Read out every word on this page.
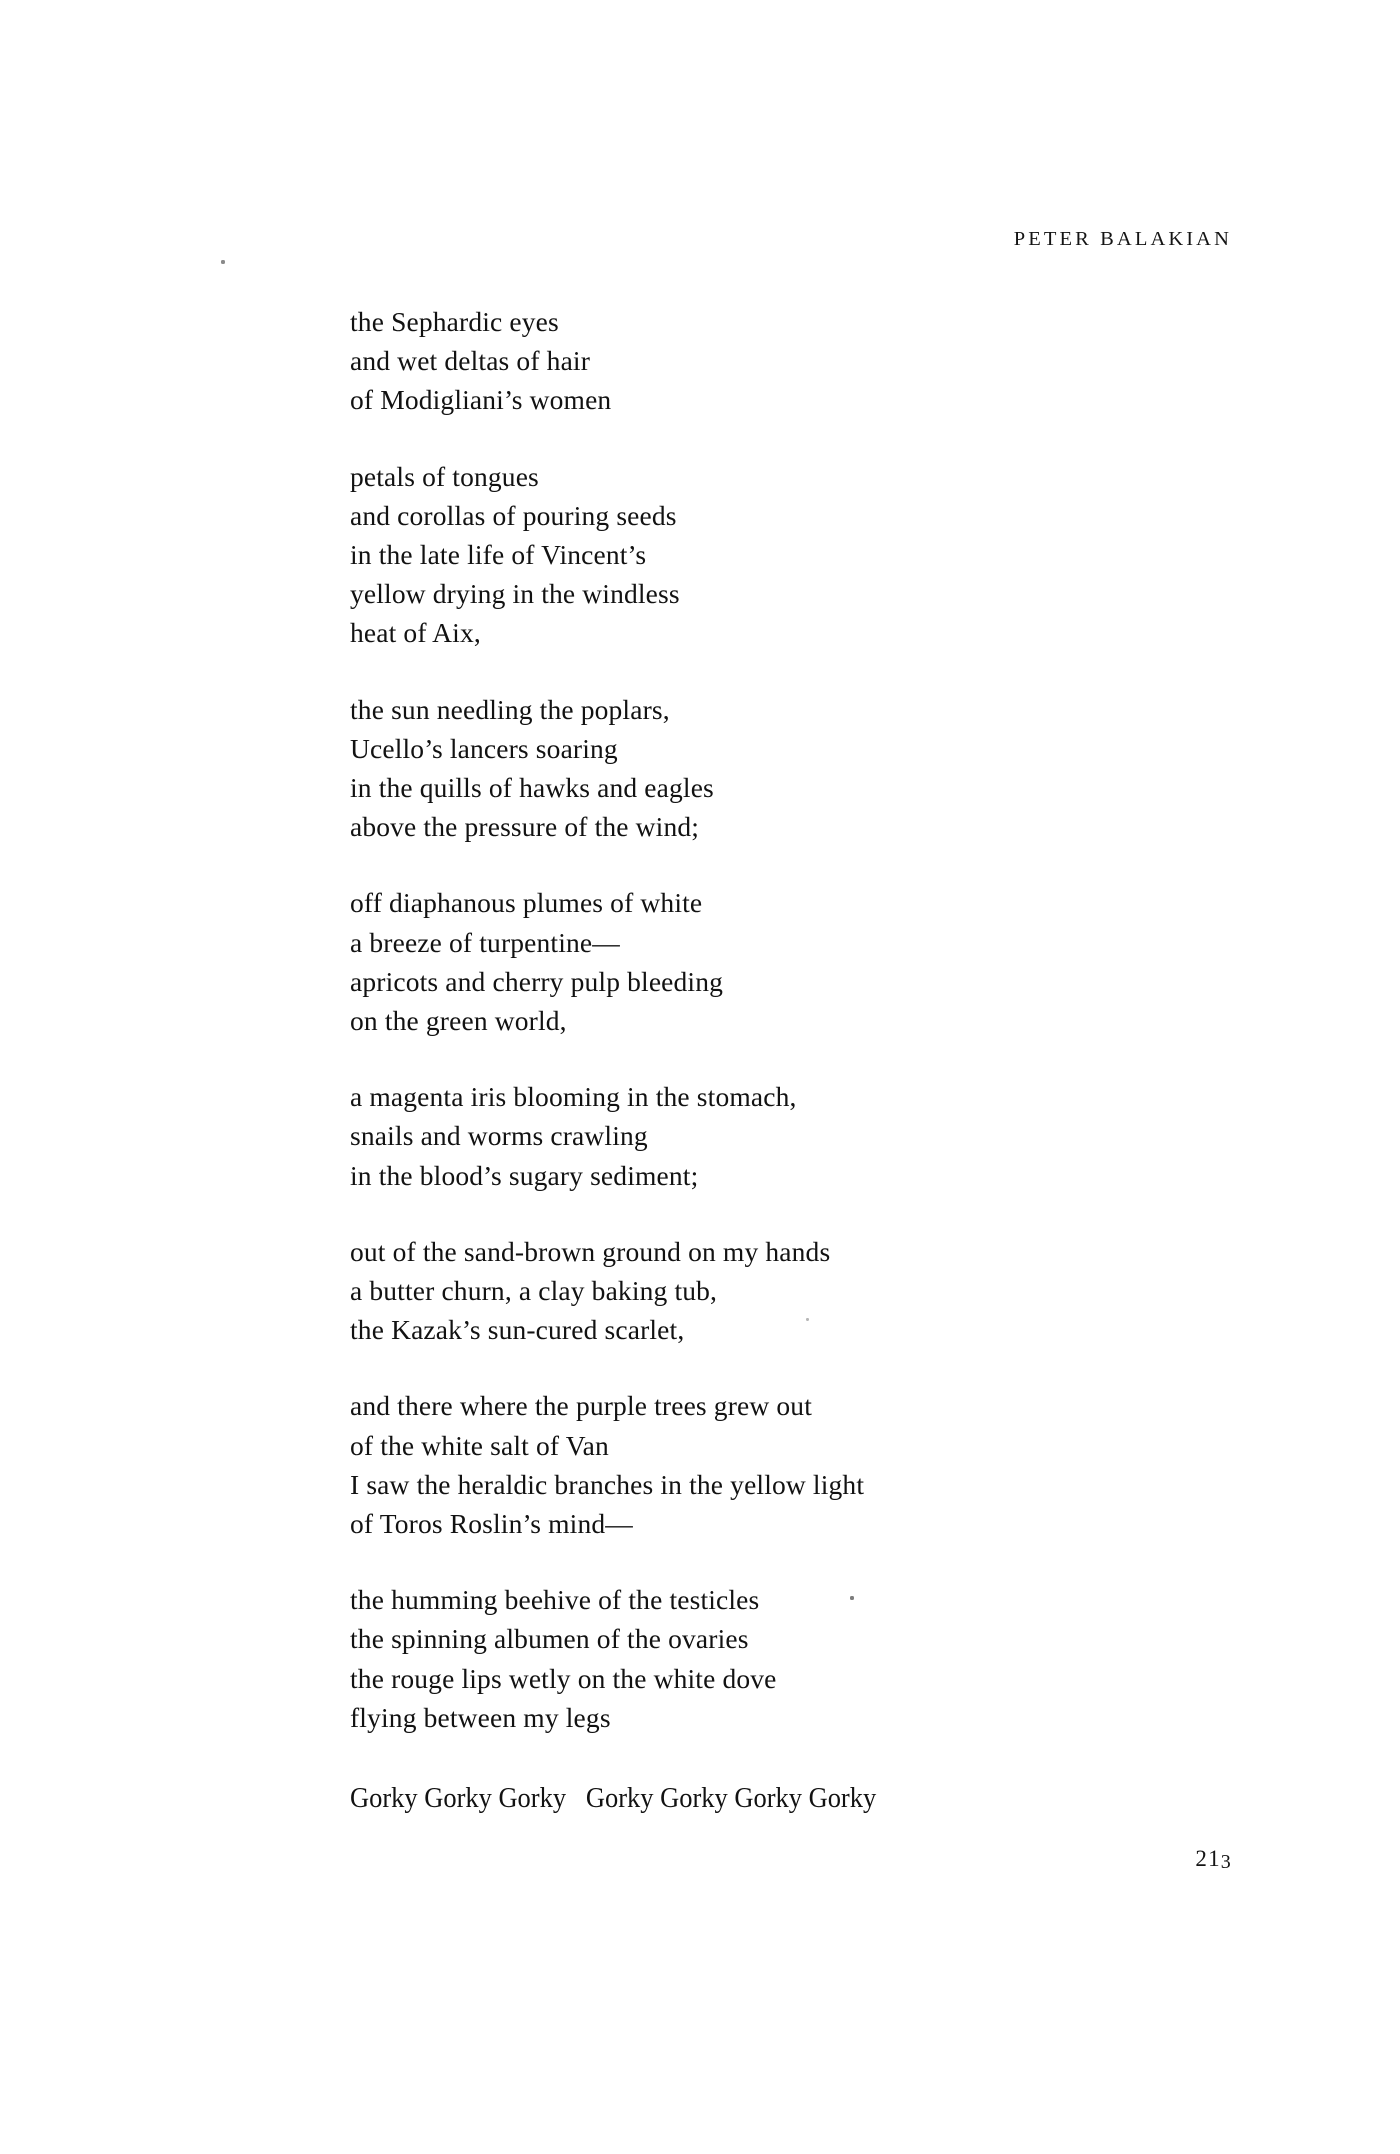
PETER BALAKIAN
the Sephardic eyes
and wet deltas of hair
of Modigliani’s women
petals of tongues
and corollas of pouring seeds
in the late life of Vincent’s
yellow drying in the windless
heat of Aix,
the sun needling the poplars,
Ucello’s lancers soaring
in the quills of hawks and eagles
above the pressure of the wind;
off diaphanous plumes of white
a breeze of turpentine—
apricots and cherry pulp bleeding
on the green world,
a magenta iris blooming in the stomach,
snails and worms crawling
in the blood’s sugary sediment;
out of the sand-brown ground on my hands
a butter churn, a clay baking tub,
the Kazak’s sun-cured scarlet,
and there where the purple trees grew out
of the white salt of Van
I saw the heraldic branches in the yellow light
of Toros Roslin’s mind—
the humming beehive of the testicles
the spinning albumen of the ovaries
the rouge lips wetly on the white dove
flying between my legs
Gorky Gorky Gorky   Gorky Gorky Gorky Gorky
213
